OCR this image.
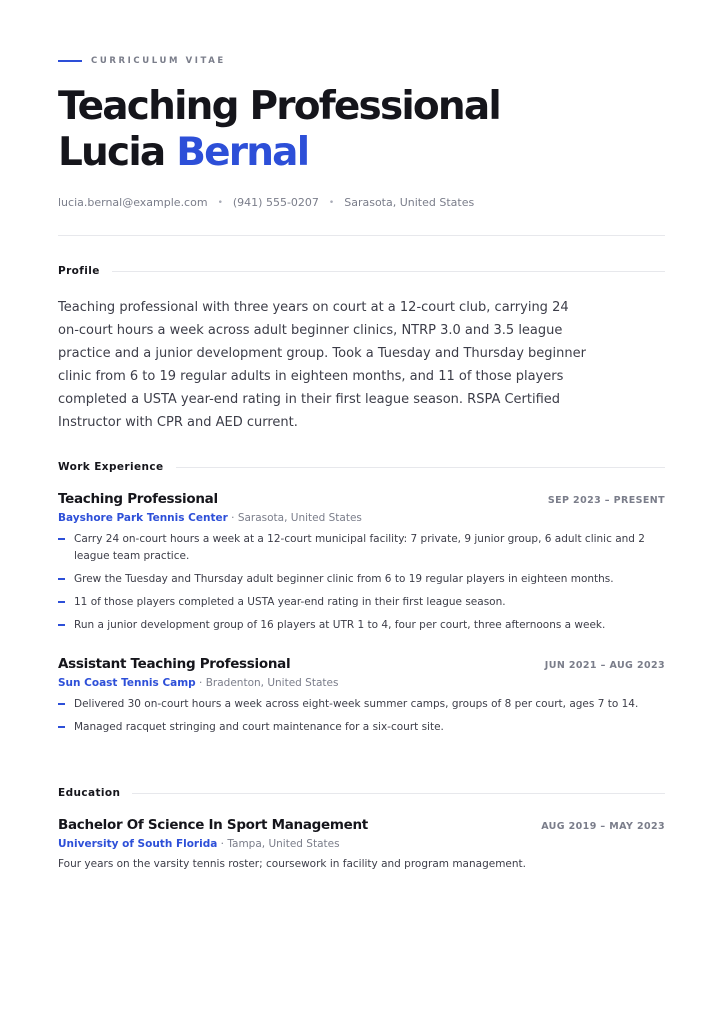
CURRICULUM VITAE
Teaching Professional
Lucia Bernal
lucia.bernal@example.com • (941) 555-0207 • Sarasota, United States
Profile

Teaching professional with three years on court at a 12-court club, carrying 24 on-court hours a week across adult beginner clinics, NTRP 3.0 and 3.5 league practice and a junior development group. Took a Tuesday and Thursday beginner clinic from 6 to 19 regular adults in eighteen months, and 11 of those players completed a USTA year-end rating in their first league season. RSPA Certified Instructor with CPR and AED current.

Work Experience
Teaching Professional	SEP 2023 – PRESENT
Bayshore Park Tennis Center · Sarasota, United States
Carry 24 on-court hours a week at a 12-court municipal facility: 7 private, 9 junior group, 6 adult clinic and 2 league team practice.
Grew the Tuesday and Thursday adult beginner clinic from 6 to 19 regular players in eighteen months.
11 of those players completed a USTA year-end rating in their first league season.
Run a junior development group of 16 players at UTR 1 to 4, four per court, three afternoons a week.
Assistant Teaching Professional	JUN 2021 – AUG 2023
Sun Coast Tennis Camp · Bradenton, United States
Delivered 30 on-court hours a week across eight-week summer camps, groups of 8 per court, ages 7 to 14.
Managed racquet stringing and court maintenance for a six-court site.
Education
Bachelor Of Science In Sport Management	AUG 2019 – MAY 2023
University of South Florida · Tampa, United States

Four years on the varsity tennis roster; coursework in facility and program management.
